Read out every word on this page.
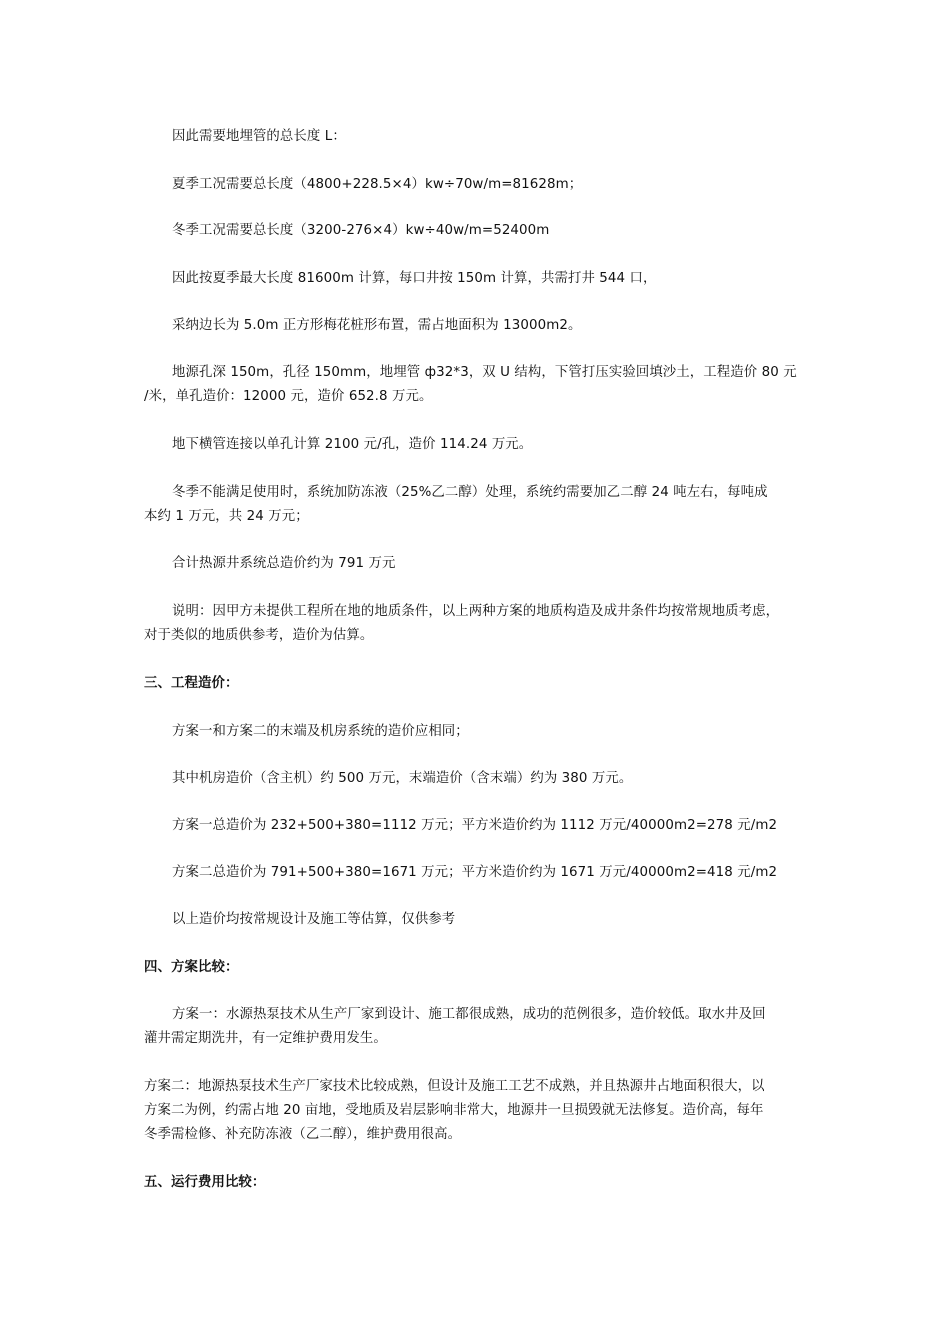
因此需要地埋管的总长度 L：
夏季工况需要总长度（4800+228.5×4）kw÷70w/m=81628m；
冬季工况需要总长度（3200-276×4）kw÷40w/m=52400m
因此按夏季最大长度 81600m 计算，每口井按 150m 计算，共需打井 544 口，
采纳边长为 5.0m 正方形梅花桩形布置，需占地面积为 13000m2。
地源孔深 150m，孔径 150mm，地埋管 ф32*3，双 U 结构，下管打压实验回填沙土，工程造价 80 元
/米，单孔造价：12000 元，造价 652.8 万元。
地下横管连接以单孔计算 2100 元/孔，造价 114.24 万元。
冬季不能满足使用时，系统加防冻液（25%乙二醇）处理，系统约需要加乙二醇 24 吨左右，每吨成
本约 1 万元，共 24 万元；
合计热源井系统总造价约为 791 万元
说明：因甲方未提供工程所在地的地质条件，以上两种方案的地质构造及成井条件均按常规地质考虑，
对于类似的地质供参考，造价为估算。
三、工程造价：
方案一和方案二的末端及机房系统的造价应相同；
其中机房造价（含主机）约 500 万元，末端造价（含末端）约为 380 万元。
方案一总造价为 232+500+380=1112 万元；平方米造价约为 1112 万元/40000m2=278 元/m2
方案二总造价为 791+500+380=1671 万元；平方米造价约为 1671 万元/40000m2=418 元/m2
以上造价均按常规设计及施工等估算，仅供参考
四、方案比较：
方案一：水源热泵技术从生产厂家到设计、施工都很成熟，成功的范例很多，造价较低。取水井及回
灌井需定期洗井，有一定维护费用发生。
方案二：地源热泵技术生产厂家技术比较成熟，但设计及施工工艺不成熟，并且热源井占地面积很大，以
方案二为例，约需占地 20 亩地，受地质及岩层影响非常大，地源井一旦损毁就无法修复。造价高，每年
冬季需检修、补充防冻液（乙二醇），维护费用很高。
五、运行费用比较：
